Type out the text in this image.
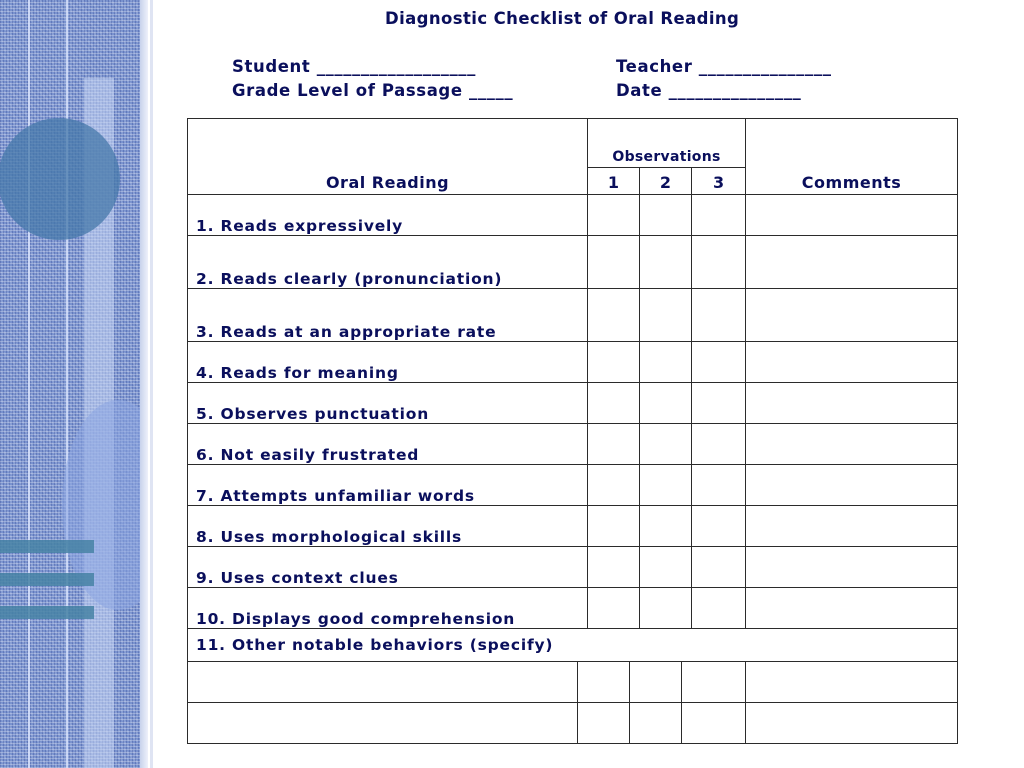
Diagnostic Checklist of Oral Reading
Student __________________
Grade Level of Passage _____
Teacher _______________
Date _______________
Oral Reading		Observations					Comments
		1		2		3	
1. Reads expressively							
2. Reads clearly (pronunciation)							
3. Reads at an appropriate rate							
4. Reads for meaning							
5. Observes punctuation							
6. Not easily frustrated							
7. Attempts unfamiliar words							
8. Uses morphological skills							
9. Uses context clues							
10. Displays good comprehension							
11. Other notable behaviors (specify)							
